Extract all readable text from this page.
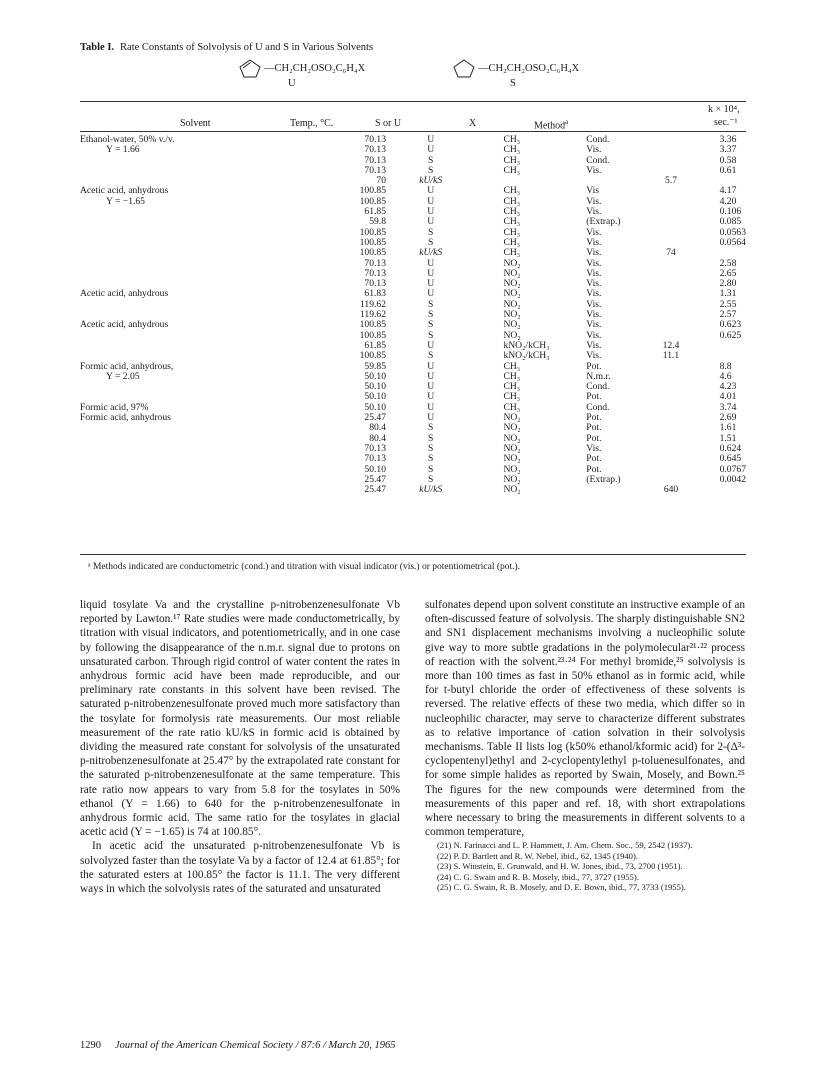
Table I. Rate Constants of Solvolysis of U and S in Various Solvents
—CH₂CH₂OSO₂C₆H₄X
U
—CH₂CH₂OSO₂C₆H₄X
S
k × 10⁴,
Solvent	Temp., °C.	S or U	X	Method$^a$	sec.⁻¹
Ethanol-water, 50% v./v.	70.13	U	CH₃	Cond.		3.36
Y = 1.66	70.13	U	CH₃	Vis.		3.37
	70.13	S	CH₃	Cond.		0.58
	70.13	S	CH₃	Vis.		0.61
	70	kU/kS			5.7	
Acetic acid, anhydrous	100.85	U	CH₃	Vis		4.17
Y = −1.65	100.85	U	CH₃	Vis.		4.20
	61.85	U	CH₃	Vis.		0.106
	59.8	U	CH₃	(Extrap.)		0.085
	100.85	S	CH₃	Vis.		0.0563
	100.85	S	CH₃	Vis.		0.0564
	100.85	kU/kS	CH₃	Vis.	74	
	70.13	U	NO₂	Vis.		2.58
	70.13	U	NO₂	Vis.		2.65
	70.13	U	NO₂	Vis.		2.80
Acetic acid, anhydrous	61.83	U	NO₂	Vis.		1.31
	119.62	S	NO₂	Vis.		2.55
	119.62	S	NO₂	Vis.		2.57
Acetic acid, anhydrous	100.85	S	NO₂	Vis.		0.623
	100.85	S	NO₂	Vis.		0.625
	61.85	U	kNO₂/kCH₃	Vis.	12.4	
	100.85	S	kNO₂/kCH₃	Vis.	11.1	
Formic acid, anhydrous,	59.85	U	CH₃	Pot.		8.8
Y = 2.05	50.10	U	CH₃	N.m.r.		4.6
	50.10	U	CH₃	Cond.		4.23
	50.10	U	CH₃	Pot.		4.01
Formic acid, 97%	50.10	U	CH₃	Cond.		3.74
Formic acid, anhydrous	25.47	U	NO₂	Pot.		2.69
	80.4	S	NO₂	Pot.		1.61
	80.4	S	NO₂	Pot.		1.51
	70.13	S	NO₂	Vis.		0.624
	70.13	S	NO₂	Pot.		0.645
	50.10	S	NO₂	Pot.		0.0767
	25.47	S	NO₂	(Extrap.)		0.0042
	25.47	kU/kS	NO₂		640	
ᵃ Methods indicated are conductometric (cond.) and titration with visual indicator (vis.) or potentiometrical (pot.).

liquid tosylate Va and the crystalline p-nitrobenzenesulfonate Vb reported by Lawton.¹⁷ Rate studies were made conductometrically, by titration with visual indicators, and potentiometrically, and in one case by following the disappearance of the n.m.r. signal due to protons on unsaturated carbon. Through rigid control of water content the rates in anhydrous formic acid have been made reproducible, and our preliminary rate constants in this solvent have been revised. The saturated p-nitrobenzenesulfonate proved much more satisfactory than the tosylate for formolysis rate measurements. Our most reliable measurement of the rate ratio kU/kS in formic acid is obtained by dividing the measured rate constant for solvolysis of the unsaturated p-nitrobenzenesulfonate at 25.47° by the extrapolated rate constant for the saturated p-nitrobenzenesulfonate at the same temperature. This rate ratio now appears to vary from 5.8 for the tosylates in 50% ethanol (Y = 1.66) to 640 for the p-nitrobenzenesulfonate in anhydrous formic acid. The same ratio for the tosylates in glacial acetic acid (Y = −1.65) is 74 at 100.85°.

In acetic acid the unsaturated p-nitrobenzenesulfonate Vb is solvolyzed faster than the tosylate Va by a factor of 12.4 at 61.85°; for the saturated esters at 100.85° the factor is 11.1. The very different ways in which the solvolysis rates of the saturated and unsaturated

sulfonates depend upon solvent constitute an instructive example of an often-discussed feature of solvolysis. The sharply distinguishable SN2 and SN1 displacement mechanisms involving a nucleophilic solute give way to more subtle gradations in the polymolecular²¹·²² process of reaction with the solvent.²³·²⁴ For methyl bromide,²⁵ solvolysis is more than 100 times as fast in 50% ethanol as in formic acid, while for t-butyl chloride the order of effectiveness of these solvents is reversed. The relative effects of these two media, which differ so in nucleophilic character, may serve to characterize different substrates as to relative importance of cation solvation in their solvolysis mechanisms. Table II lists log (k50% ethanol/kformic acid) for 2-(Δ³-cyclopentenyl)ethyl and 2-cyclopentylethyl p-toluenesulfonates, and for some simple halides as reported by Swain, Mosely, and Bown.²⁵ The figures for the new compounds were determined from the measurements of this paper and ref. 18, with short extrapolations where necessary to bring the measurements in different solvents to a common temperature,

(21) N. Farinacci and L. P. Hammett, J. Am. Chem. Soc., 59, 2542 (1937).
(22) P. D. Bartlett and R. W. Nebel, ibid., 62, 1345 (1940).
(23) S. Winstein, E. Grunwald, and H. W. Jones, ibid., 73, 2700 (1951).
(24) C. G. Swain and R. B. Mosely, ibid., 77, 3727 (1955).
(25) C. G. Swain, R. B. Mosely, and D. E. Bown, ibid., 77, 3733 (1955).
1290 Journal of the American Chemical Society / 87:6 / March 20, 1965
